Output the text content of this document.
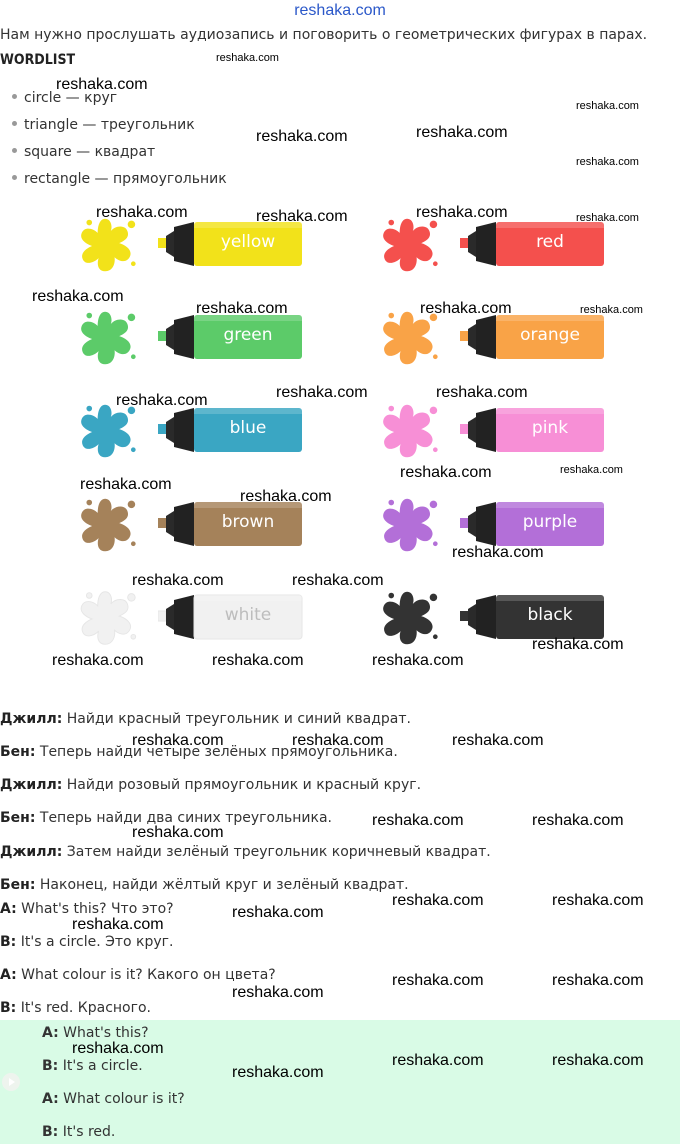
reshaka.com
Нам нужно прослушать аудиозапись и поговорить о геометрических фигурах в парах.
WORDLIST
circle — круг
triangle — треугольник
square — квадрат
rectangle — прямоугольник
yellow	red
green	orange
blue	pink
brown	purple
white	black
Джилл: Найди красный треугольник и синий квадрат.
Бен: Теперь найди четыре зелёных прямоугольника.
Джилл: Найди розовый прямоугольник и красный круг.
Бен: Теперь найди два синих треугольника.
Джилл: Затем найди зелёный треугольник коричневый квадрат.
Бен: Наконец, найди жёлтый круг и зелёный квадрат.
A: What's this? Что это?
B: It's a circle. Это круг.
A: What colour is it? Какого он цвета?
B: It's red. Красного.
A: What's this?
B: It's a circle.
A: What colour is it?
B: It's red.
reshaka.com
reshaka.com	reshaka.com
reshaka.com	reshaka.com	reshaka.com
reshaka.com
reshaka.com	reshaka.com
reshaka.com	reshaka.com
reshaka.com
reshaka.com
reshaka.com
reshaka.com
reshaka.com
reshaka.com	reshaka.com
reshaka.com
reshaka.com	reshaka.com	reshaka.com
reshaka.com	reshaka.com	reshaka.com
reshaka.com
reshaka.com	reshaka.com
reshaka.com
reshaka.com
reshaka.com	reshaka.com
reshaka.com
reshaka.com	reshaka.com
reshaka.com
reshaka.com	reshaka.com
reshaka.com
reshaka.com
reshaka.com
reshaka.com
reshaka.com
reshaka.com
reshaka.com
